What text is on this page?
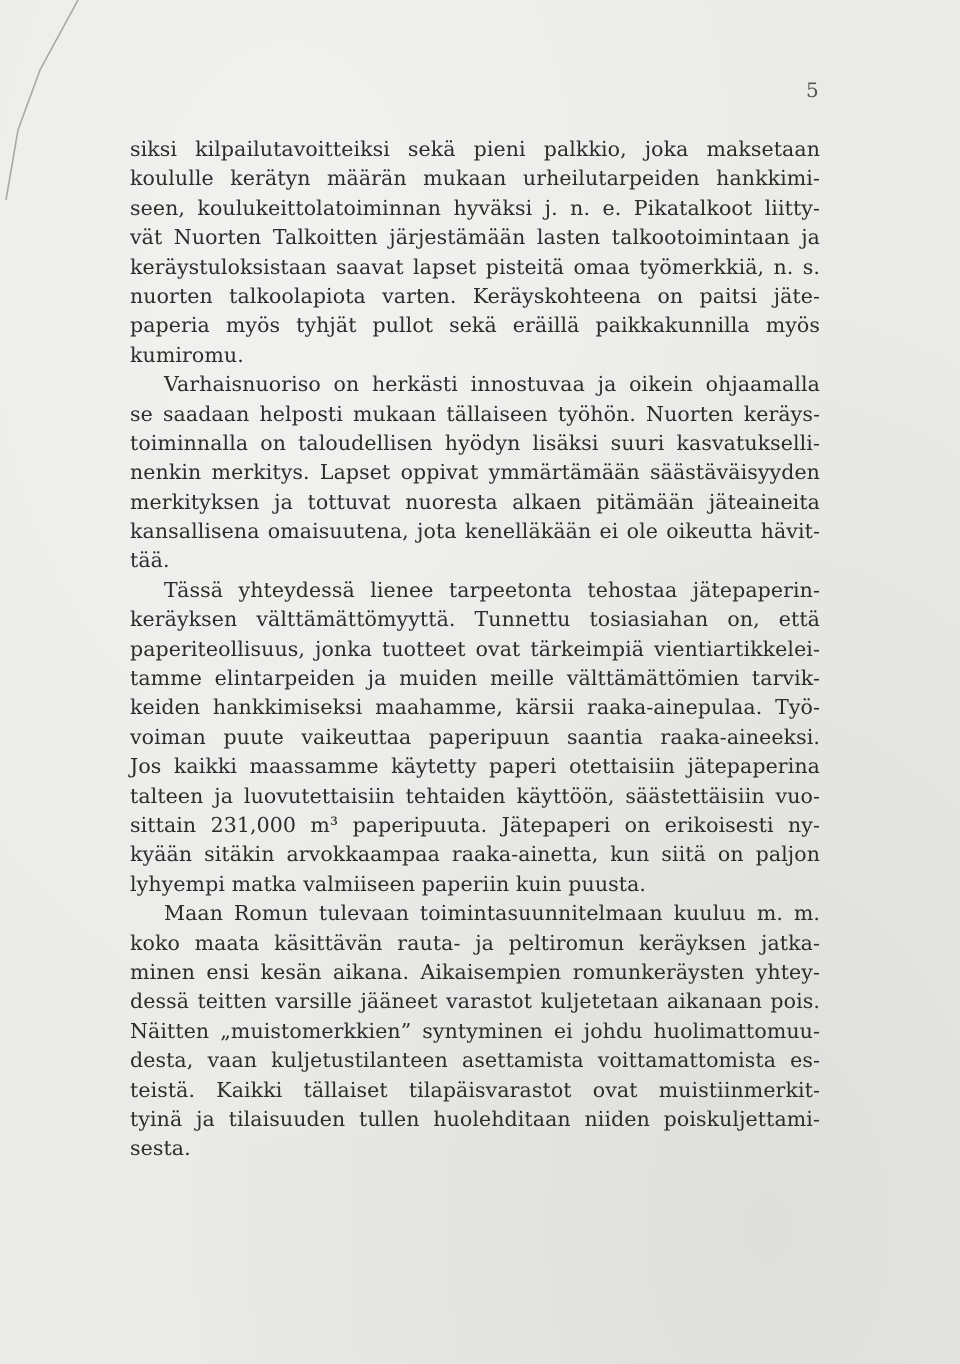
5
siksi kilpailutavoitteiksi sekä pieni palkkio, joka maksetaan
koululle kerätyn määrän mukaan urheilutarpeiden hankkimi-
seen, koulukeittolatoiminnan hyväksi j. n. e. Pikatalkoot liitty-
vät Nuorten Talkoitten järjestämään lasten talkootoimintaan ja
keräystuloksistaan saavat lapset pisteitä omaa työmerkkiä, n. s.
nuorten talkoolapiota varten. Keräyskohteena on paitsi jäte-
paperia myös tyhjät pullot sekä eräillä paikkakunnilla myös
kumiromu.
Varhaisnuoriso on herkästi innostuvaa ja oikein ohjaamalla
se saadaan helposti mukaan tällaiseen työhön. Nuorten keräys-
toiminnalla on taloudellisen hyödyn lisäksi suuri kasvatukselli-
nenkin merkitys. Lapset oppivat ymmärtämään säästäväisyyden
merkityksen ja tottuvat nuoresta alkaen pitämään jäteaineita
kansallisena omaisuutena, jota kenelläkään ei ole oikeutta hävit-
tää.
Tässä yhteydessä lienee tarpeetonta tehostaa jätepaperin-
keräyksen välttämättömyyttä. Tunnettu tosiasiahan on, että
paperiteollisuus, jonka tuotteet ovat tärkeimpiä vientiartikkelei-
tamme elintarpeiden ja muiden meille välttämättömien tarvik-
keiden hankkimiseksi maahamme, kärsii raaka-ainepulaa. Työ-
voiman puute vaikeuttaa paperipuun saantia raaka-aineeksi.
Jos kaikki maassamme käytetty paperi otettaisiin jätepaperina
talteen ja luovutettaisiin tehtaiden käyttöön, säästettäisiin vuo-
sittain 231,000 m³ paperipuuta. Jätepaperi on erikoisesti ny-
kyään sitäkin arvokkaampaa raaka-ainetta, kun siitä on paljon
lyhyempi matka valmiiseen paperiin kuin puusta.
Maan Romun tulevaan toimintasuunnitelmaan kuuluu m. m.
koko maata käsittävän rauta- ja peltiromun keräyksen jatka-
minen ensi kesän aikana. Aikaisempien romunkeräysten yhtey-
dessä teitten varsille jääneet varastot kuljetetaan aikanaan pois.
Näitten „muistomerkkien” syntyminen ei johdu huolimattomuu-
desta, vaan kuljetustilanteen asettamista voittamattomista es-
teistä. Kaikki tällaiset tilapäisvarastot ovat muistiinmerkit-
tyinä ja tilaisuuden tullen huolehditaan niiden poiskuljettami-
sesta.
